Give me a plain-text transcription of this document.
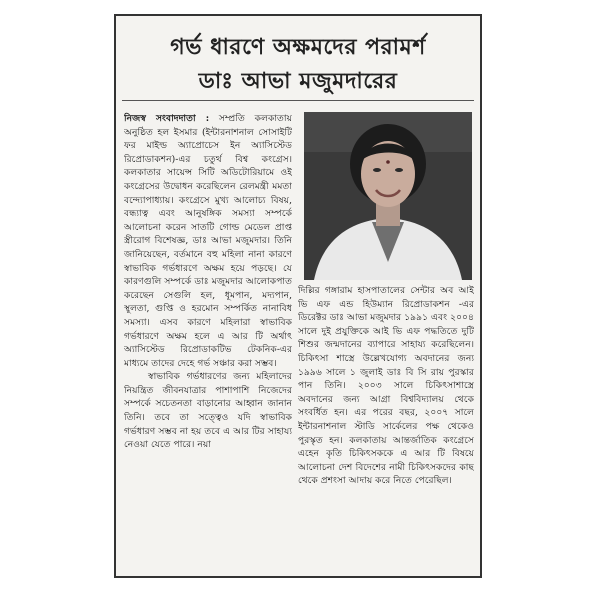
গর্ভ ধারণে অক্ষমদের পরামর্শ
ডাঃ আভা মজুমদারের

নিজস্ব সংবাদদাতা : সম্প্রতি কলকাতায় অনুষ্ঠিত হল ইসমার (ইন্টারনাশনাল সোসাইটি ফর মাইল্ড অ্যাপ্রোচেস ইন অ্যাসিস্টেড রিপ্রোডাকশন)-এর চতুর্থ বিশ্ব কংগ্রেস। কলকাতার সায়েন্স সিটি অডিটোরিয়ামে ওই কংগ্রেসের উদ্বোধন করেছিলেন রেলমন্ত্রী মমতা বন্দ্যোপাধ্যায়। কংগ্রেসে মুখ্য আলোচ্য বিষয়, বন্ধ্যাত্ব এবং আনুষঙ্গিক সমস্যা সম্পর্কে আলোচনা করেন সাতটি গোল্ড মেডেল প্রাপ্ত স্ত্রীরোগ বিশেষজ্ঞ, ডাঃ আভা মজুমদার। তিনি জানিয়েছেন, বর্তমানে বহু মহিলা নানা কারণে স্বাভাবিক গর্ভধারণে অক্ষম হয়ে পড়ছে। যে কারণগুলি সম্পর্কে ডাঃ মজুমদার আলোকপাত করেছেন সেগুলি হল, ধূমপান, মদ্যপান, স্থূলতা, গুপ্তি ও হরমোন সম্পর্কিত নানাবিধ সমস্যা। এসব কারণে মহিলারা স্বাভাবিক গর্ভধারণে অক্ষম হলে এ আর টি অর্থাৎ অ্যাসিস্টেড রিপ্রোডাকটিভ টেকনিক-এর মাধ্যমে তাদের দেহে গর্ভ সঞ্চার করা সম্ভব।

স্বাভাবিক গর্ভধারণের জন্য মহিলাদের নিয়ন্ত্রিত জীবনযাত্রার পাশাপাশি নিজেদের সম্পর্কে সচেতনতা বাড়ানোর আহ্বান জানান তিনি। তবে তা সত্ত্বেও যদি স্বাভাবিক গর্ভধারণ সম্ভব না হয় তবে এ আর টির সাহায্য নেওয়া যেতে পারে। নয়া

দিল্লির গঙ্গারাম হাসপাতালের সেন্টার অব আই ভি এফ এন্ড হিউম্যান রিপ্রোডাকশন -এর ডিরেক্টর ডাঃ আভা মজুমদার ১৯৯১ এবং ২০০৪ সালে দুই প্রযুক্তিকে আই ভি এফ পদ্ধতিতে দুটি শিশুর জন্মদানের ব্যাপারে সাহায্য করেছিলেন। চিকিৎসা শাস্ত্রে উল্লেখযোগ্য অবদানের জন্য ১৯৯৬ সালে ১ জুলাই ডাঃ বি সি রায় পুরস্কার পান তিনি। ২০০৩ সালে চিকিৎসাশাস্ত্রে অবদানের জন্য আগ্রা বিশ্ববিদ্যালয় থেকে সংবর্ধিত হন। এর পরের বছর, ২০০৭ সালে ইন্টারনাশনাল স্টাডি সার্কেলের পক্ষ থেকেও পুরস্কৃত হন। কলকাতায় আন্তর্জাতিক কংগ্রেসে এহেন কৃতি চিকিৎসককে এ আর টি বিষয়ে আলোচনা দেশ বিদেশের নামী চিকিৎসকদের কাছ থেকে প্রশংসা আদায় করে নিতে পেরেছিল।
